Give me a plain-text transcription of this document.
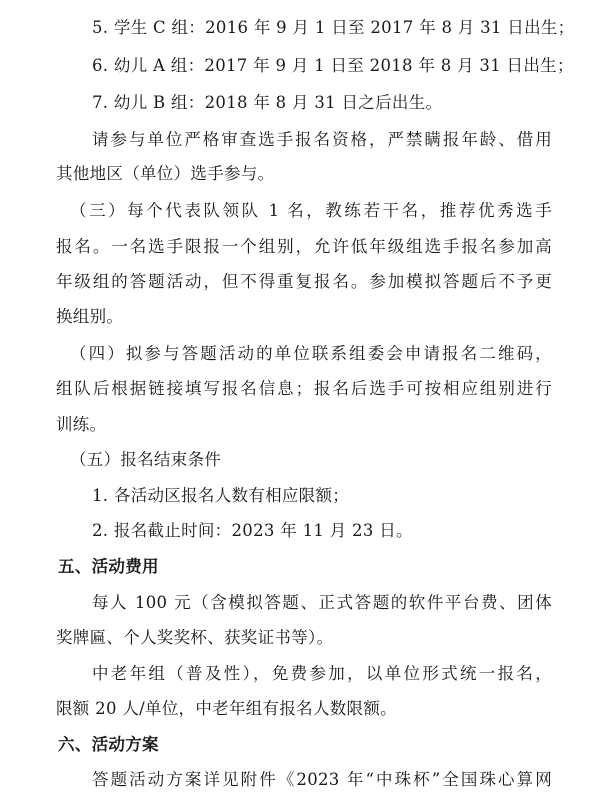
5. 学生 C 组：2016 年 9 月 1 日至 2017 年 8 月 31 日出生；
6. 幼儿 A 组：2017 年 9 月 1 日至 2018 年 8 月 31 日出生；
7. 幼儿 B 组：2018 年 8 月 31 日之后出生。
请参与单位严格审查选手报名资格，严禁瞒报年龄、借用
其他地区（单位）选手参与。
（三）每个代表队领队 1 名，教练若干名，推荐优秀选手
报名。一名选手限报一个组别，允许低年级组选手报名参加高
年级组的答题活动，但不得重复报名。参加模拟答题后不予更
换组别。
（四）拟参与答题活动的单位联系组委会申请报名二维码，
组队后根据链接填写报名信息；报名后选手可按相应组别进行
训练。
（五）报名结束条件
1. 各活动区报名人数有相应限额；
2. 报名截止时间：2023 年 11 月 23 日。
五、活动费用
每人 100 元（含模拟答题、正式答题的软件平台费、团体
奖牌匾、个人奖奖杯、获奖证书等）。
中老年组（普及性），免费参加，以单位形式统一报名，
限额 20 人/单位，中老年组有报名人数限额。
六、活动方案
答题活动方案详见附件《2023 年“中珠杯”全国珠心算网
